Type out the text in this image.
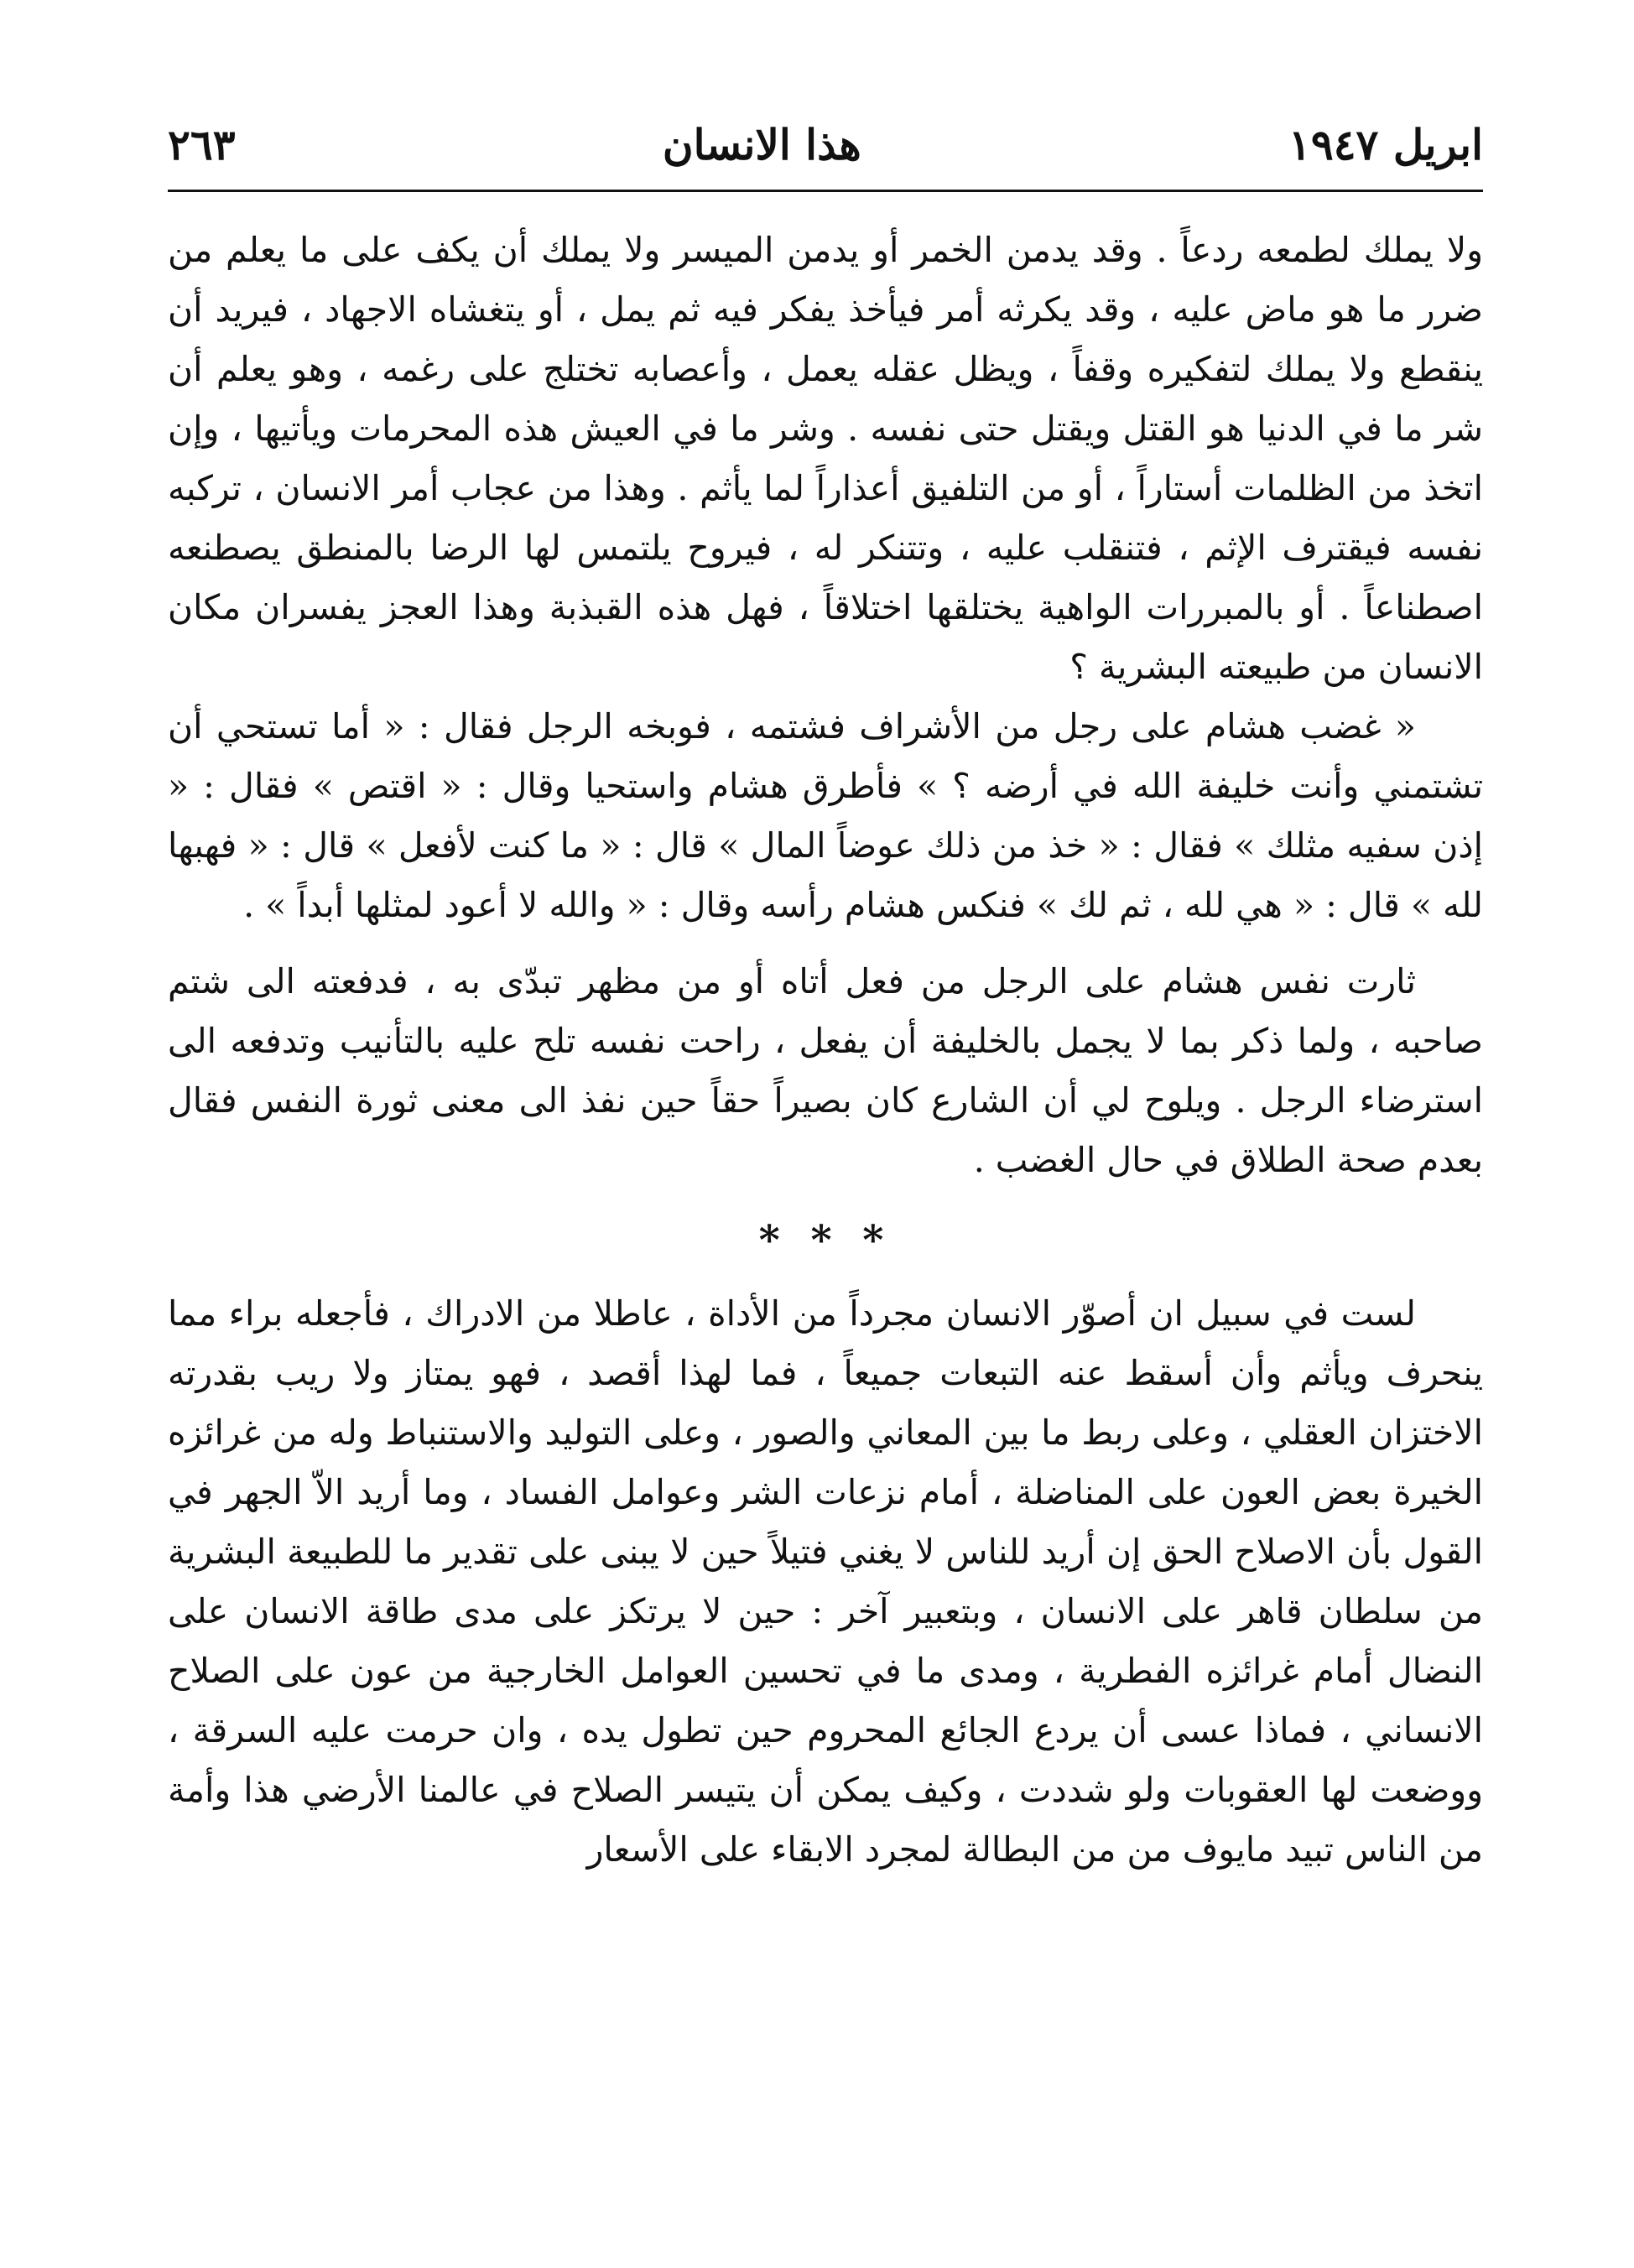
ابريل ١٩٤٧
هذا الانسان
٢٦٣

ولا يملك لطمعه ردعاً . وقد يدمن الخمر أو يدمن الميسر ولا يملك أن يكف على ما يعلم من ضرر ما هو ماض عليه ، وقد يكرثه أمر فيأخذ يفكر فيه ثم يمل ، أو يتغشاه الاجهاد ، فيريد أن ينقطع ولا يملك لتفكيره وقفاً ، ويظل عقله يعمل ، وأعصابه تختلج على رغمه ، وهو يعلم أن شر ما في الدنيا هو القتل ويقتل حتى نفسه . وشر ما في العيش هذه المحرمات ويأتيها ، وإن اتخذ من الظلمات أستاراً ، أو من التلفيق أعذاراً لما يأثم . وهذا من عجاب أمر الانسان ، تركبه نفسه فيقترف الإثم ، فتنقلب عليه ، وتتنكر له ، فيروح يلتمس لها الرضا بالمنطق يصطنعه اصطناعاً . أو بالمبررات الواهية يختلقها اختلاقاً ، فهل هذه القبذبة وهذا العجز يفسران مكان الانسان من طبيعته البشرية ؟

« غضب هشام على رجل من الأشراف فشتمه ، فوبخه الرجل فقال : « أما تستحي أن تشتمني وأنت خليفة الله في أرضه ؟ » فأطرق هشام واستحيا وقال : « اقتص » فقال : « إذن سفيه مثلك » فقال : « خذ من ذلك عوضاً المال » قال : « ما كنت لأفعل » قال : « فهبها لله » قال : « هي لله ، ثم لك » فنكس هشام رأسه وقال : « والله لا أعود لمثلها أبداً » .

ثارت نفس هشام على الرجل من فعل أتاه أو من مظهر تبدّى به ، فدفعته الى شتم صاحبه ، ولما ذكر بما لا يجمل بالخليفة أن يفعل ، راحت نفسه تلح عليه بالتأنيب وتدفعه الى استرضاء الرجل . ويلوح لي أن الشارع كان بصيراً حقاً حين نفذ الى معنى ثورة النفس فقال بعدم صحة الطلاق في حال الغضب .

* * *

لست في سبيل ان أصوّر الانسان مجرداً من الأداة ، عاطلا من الادراك ، فأجعله براء مما ينحرف ويأثم وأن أسقط عنه التبعات جميعاً ، فما لهذا أقصد ، فهو يمتاز ولا ريب بقدرته الاختزان العقلي ، وعلى ربط ما بين المعاني والصور ، وعلى التوليد والاستنباط وله من غرائزه الخيرة بعض العون على المناضلة ، أمام نزعات الشر وعوامل الفساد ، وما أريد الاّ الجهر في القول بأن الاصلاح الحق إن أريد للناس لا يغني فتيلاً حين لا يبنى على تقدير ما للطبيعة البشرية من سلطان قاهر على الانسان ، وبتعبير آخر : حين لا يرتكز على مدى طاقة الانسان على النضال أمام غرائزه الفطرية ، ومدى ما في تحسين العوامل الخارجية من عون على الصلاح الانساني ، فماذا عسى أن يردع الجائع المحروم حين تطول يده ، وان حرمت عليه السرقة ، ووضعت لها العقوبات ولو شددت ، وكيف يمكن أن يتيسر الصلاح في عالمنا الأرضي هذا وأمة من الناس تبيد مايوف من من البطالة لمجرد الابقاء على الأسعار
